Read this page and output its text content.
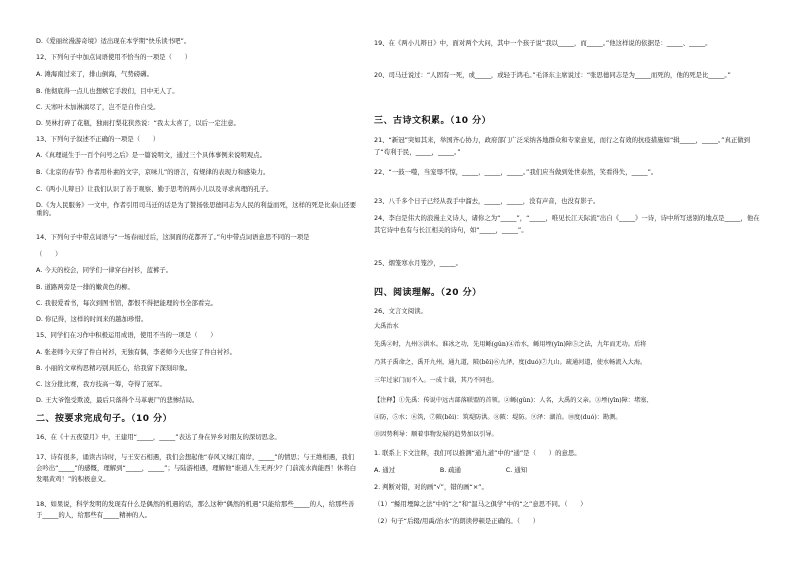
D.《爱丽丝漫游奇境》适出现在本学期“快乐读书吧”。
12、下列句子中加点词语使用不恰当的一项是（　　）
A. 滩海南过来了，排山倒海，气势磅礴。
B. 他彻底得一点儿也想嫉它手段们，目中无人了。
C. 天寒叶木加淋漓尽了，岂不是自作自受。
D. 吴林打碎了花瓶，独雨打梨花狭然说：“我太太喜了，以后一定注意。
13、下列句子叙述不正确的一项是（　　）
A.《真理诞生于一百个问号之后》是一篇说明文，通过三个具体事例来说明观点。
B.《北京的春节》作者用朴素的文字，京味儿”的语言，有规律的表现力和感染力。
C.《两小儿辩日》让我们认识了善于观察、勤于思考的两小儿以及寻求真理的孔子。
D.《为人民服务》一文中，作者引用司马迁的话是为了赞扬张思德同志为人民的利益而死，这样的死是比泰山还要重的。
14、下列句子中带点词语与“一场春雨过后，这洞面的花都开了。”句中带点词语意思不同的一项是
（　　）
A. 今天的校会，同学们一律穿白衬衫，蓝裤子。
B. 道路两旁是一排的嫩黄色的柳。
C. 我很爱看书，每次到图书馆，都恨不得把能理的书全部看完。
D. 你记得，这样的时间来的越加珍惜。
15、同学们在习作中积极运用成语，使用不当的一项是（　　）
A. 张老师今天穿了件白衬衫，无独有偶，李老师今天也穿了件白衬衫。
B. 小丽的文章构思精巧别具匠心，给我留下深刻印象。
C. 这分批比赛，我方技高一筹，夺得了冠军。
D. 王大爷饱受欺凌，最后只落得个马革裹尸的悲惨结局。
二、按要求完成句子。（10 分）
16、在《十五夜望月》中，王建用“_____，_____”表达了身在异乡对朋友的深切思念。
17、诗有很多，诵读古诗时，与王安石相遇，我们会想起他“春风又绿江南岸，_____”的情思；与王维相遇，我们会吟出“_____”的感慨，理解到“_____，_____”；与陆游相遇，理解他“谁道人生无再少？门前流水尚能西！休将白发唱黄鸡！”的积极意义。
18、如果说，科学发明的发现有什么是偶然的机遇的话，那么这种“偶然的机遇”只能给那些_____的人，给那些善于_____的人，给那些有_____精神的人。
19、在《两小儿辩日》中，面对两个大问，其中一个孩子说“我以_____，而_____。”他这样说的依据是：_____、_____。
20、司马迁说过：“人固有一死，或_____，或轻于鸿毛。”毛泽东主席说过：“张思德同志是为_____而死的，他的死是比_____。”
三、古诗文积累。（10 分）
21、“新冠”突如其来，举国齐心协力，政府部门广泛采纳各地群众和专家意见，而行之有效的抗疫措施如“辑_____，_____。”真正做到了“苟利于民，_____，_____。”
22、“一鼓一噬，当宠辱不惊，_____，_____，_____。”我们应当做到处世泰然，笑看得失，_____”。
23、八千多个日子已经从我手中溜去，_____，_____，没有声音，也没有影子。
24、李白是伟大的浪漫主义诗人，诸你之为“_____”，“_____，唯见长江天际流”出自《_____》一诗，诗中所写送别的地点是_____，他在其它诗中也有与长江相关的诗句，如“_____，_____”。
25、烟笼寒水月笼沙，_____。
四、阅读理解。（20 分）
26、文言文阅读。
大禹治水
先禹②时，九州③洪水。谁冰之功，先用鲧(gǔn)④治水，鲧用堙(yīn)障⑤之法，九年而无功。后将
乃其子禹命之，禹开九州，通九道，陂(bēi)⑥九泽，度(duó)⑦九山。疏通河道，使水畅流入大海。
三年过家门而不入。一成十载，其乃不同也。
【注释】①先禹：传说中远古部落联盟的首领。②鲧(gǔn)：人名，大禹的父亲。③堙(yīn)障：堵塞、
④防，⑤水；⑥筑，⑦陂(bēi)：筑堤防洪。⑧陂：堤防。⑨泽：湖泊。⑩度(duó)：勘测。
⑪因势利导：顺着事物发展的趋势加以引导。
1. 联系上下文注释，我们可以推测“通九道”中的“通”是（　　）的意思。
A. 通过　　　　　　　B. 疏通　　　　　　　C. 通知
2. 判断对错，对的画“√”，错的画“×”。
（1）“鲧用堙障之法”中的“之”和“温马之俱学”中的“之”意思不同。（　　）
（2）句子“后辍/用禹/治水”的朗读停顿是正确的。（　　）
